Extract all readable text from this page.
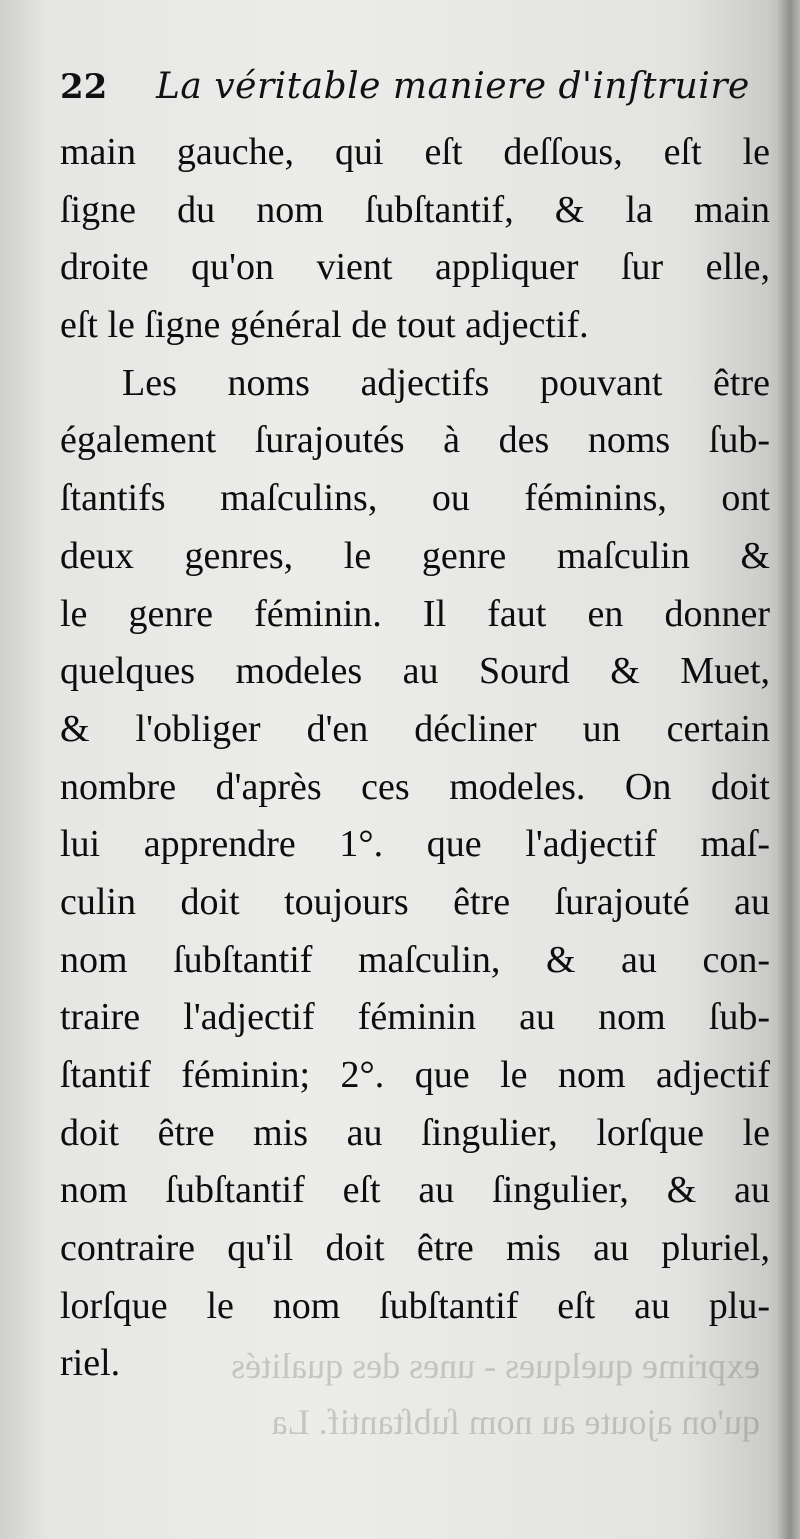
22 La véritable maniere d'inſtruire
main gauche, qui eſt deſſous, eſt le
ſigne du nom ſubſtantif, & la main
droite qu'on vient appliquer ſur elle,
eſt le ſigne général de tout adjectif.
Les noms adjectifs pouvant être
également ſurajoutés à des noms ſub-
ſtantifs maſculins, ou féminins, ont
deux genres, le genre maſculin &
le genre féminin. Il faut en donner
quelques modeles au Sourd & Muet,
& l'obliger d'en décliner un certain
nombre d'après ces modeles. On doit
lui apprendre 1°. que l'adjectif maſ-
culin doit toujours être ſurajouté au
nom ſubſtantif maſculin, & au con-
traire l'adjectif féminin au nom ſub-
ſtantif féminin; 2°. que le nom adjectif
doit être mis au ſingulier, lorſque le
nom ſubſtantif eſt au ſingulier, & au
contraire qu'il doit être mis au pluriel,
lorſque le nom ſubſtantif eſt au plu-
riel.	exprime quelques - unes des qualités
qu'on ajoute au nom ſubſtantif. La
